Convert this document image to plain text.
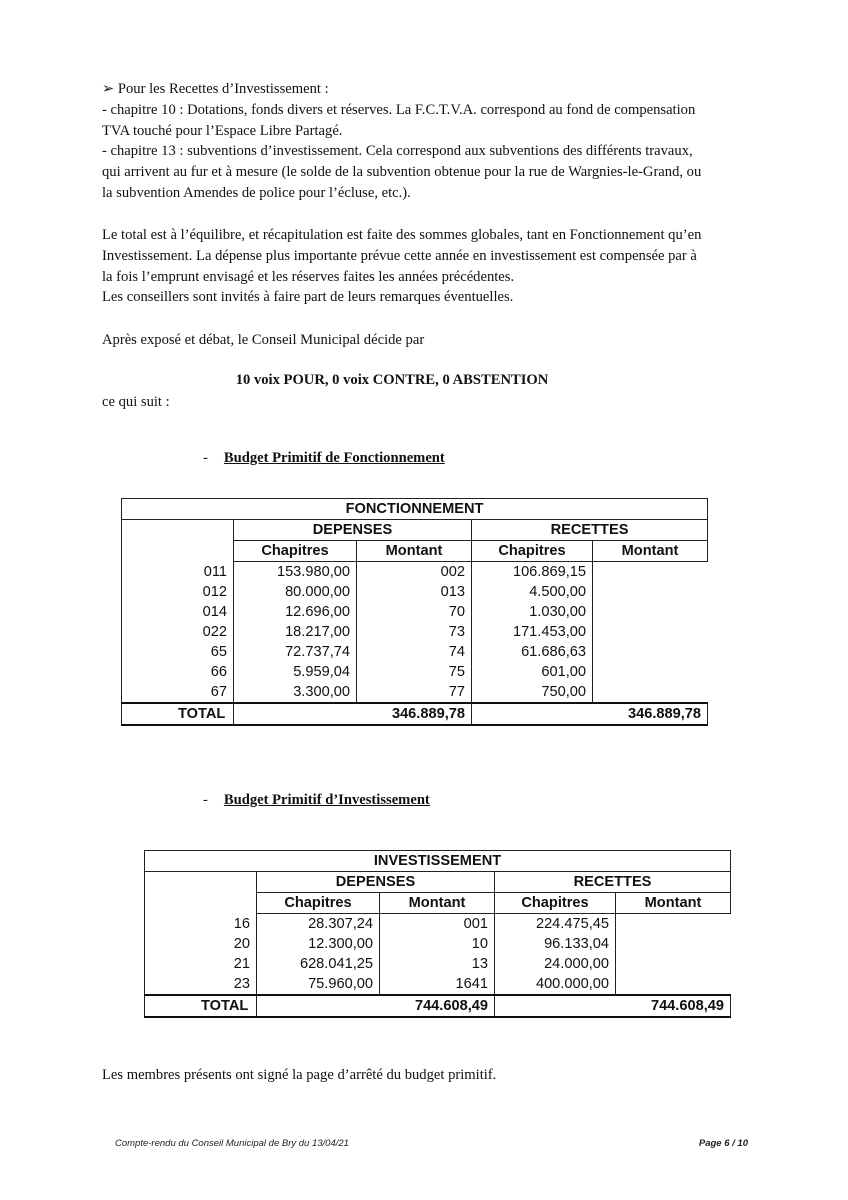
➢ Pour les Recettes d’Investissement :
- chapitre 10 : Dotations, fonds divers et réserves. La F.C.T.V.A. correspond au fond de compensation
TVA touché pour l’Espace Libre Partagé.
- chapitre 13 : subventions d’investissement. Cela correspond aux subventions des différents travaux,
qui arrivent au fur et à mesure (le solde de la subvention obtenue pour la rue de Wargnies-le-Grand, ou
la subvention Amendes de police pour l’écluse, etc.).
Le total est à l’équilibre, et récapitulation est faite des sommes globales, tant en Fonctionnement qu’en
Investissement. La dépense plus importante prévue cette année en investissement est compensée par à
la fois l’emprunt envisagé et les réserves faites les années précédentes.
Les conseillers sont invités à faire part de leurs remarques éventuelles.
Après exposé et débat, le Conseil Municipal décide par
10 voix POUR, 0 voix CONTRE, 0 ABSTENTION
ce qui suit :
- Budget Primitif de Fonctionnement
FONCTIONNEMENT				
	DEPENSES		RECETTES	
	Chapitres	Montant	Chapitres	Montant
011	153.980,00	002	106.869,15	
012	80.000,00	013	4.500,00	
014	12.696,00	70	1.030,00	
022	18.217,00	73	171.453,00	
65	72.737,74	74	61.686,63	
66	5.959,04	75	601,00	
67	3.300,00	77	750,00	
TOTAL	346.889,78		346.889,78	
- Budget Primitif d’Investissement
INVESTISSEMENT				
	DEPENSES		RECETTES	
	Chapitres	Montant	Chapitres	Montant
16	28.307,24	001	224.475,45	
20	12.300,00	10	96.133,04	
21	628.041,25	13	24.000,00	
23	75.960,00	1641	400.000,00	
TOTAL	744.608,49		744.608,49	
Les membres présents ont signé la page d’arrêté du budget primitif.
Compte-rendu du Conseil Municipal de Bry du 13/04/21	Page 6 / 10
